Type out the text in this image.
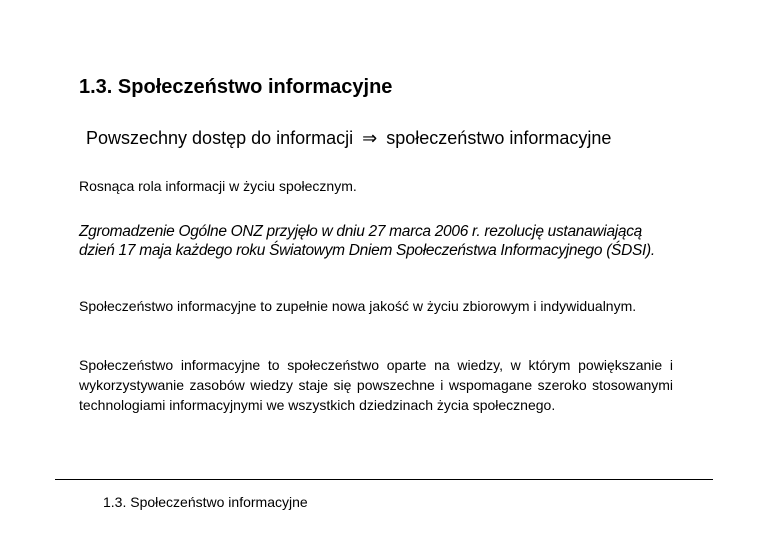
1.3. Społeczeństwo informacyjne
Powszechny dostęp do informacji ⇒ społeczeństwo informacyjne
Rosnąca rola informacji w życiu społecznym.
Zgromadzenie Ogólne ONZ przyjęło w dniu 27 marca 2006 r. rezolucję ustanawiającą dzień 17 maja każdego roku Światowym Dniem Społeczeństwa Informacyjnego (ŚDSI).
Społeczeństwo informacyjne to zupełnie nowa jakość w życiu zbiorowym i indywidualnym.
Społeczeństwo informacyjne to społeczeństwo oparte na wiedzy, w którym powiększanie i wykorzystywanie zasobów wiedzy staje się powszechne i wspomagane szeroko stosowanymi technologiami informacyjnymi we wszystkich dziedzinach życia społecznego.
1.3. Społeczeństwo informacyjne
